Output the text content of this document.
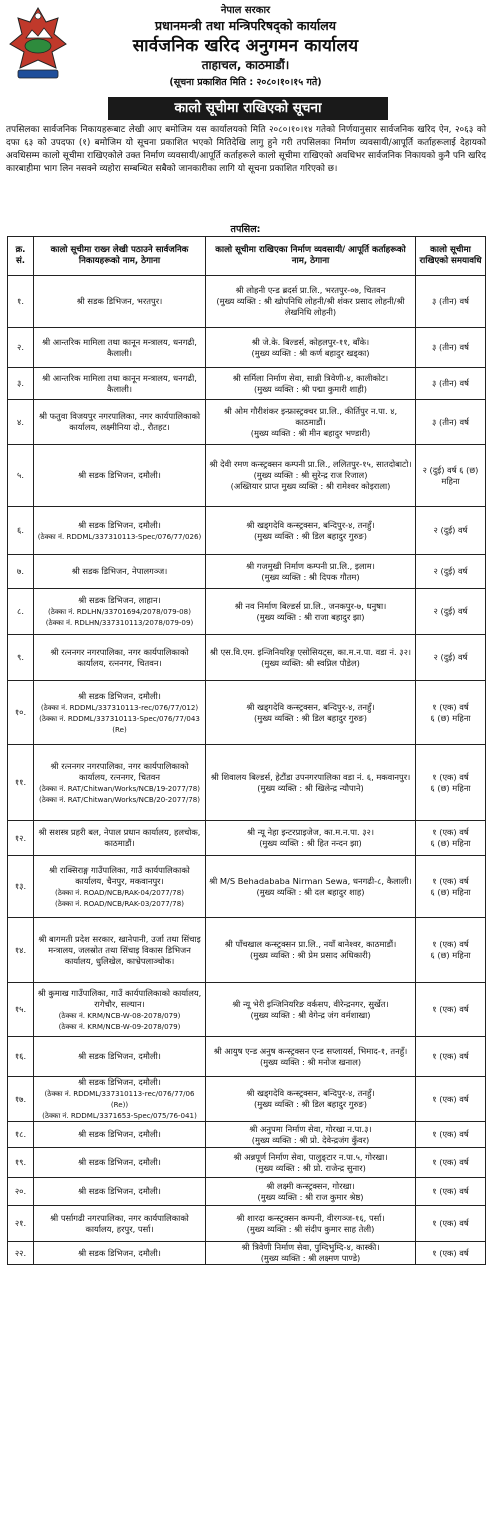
नेपाल सरकार
प्रधानमन्त्री तथा मन्त्रिपरिषद्को कार्यालय
सार्वजनिक खरिद अनुगमन कार्यालय
ताहाचल, काठमाडौं।
(सूचना प्रकाशित मिति : २०८०।१०।१५ गते)
कालो सूचीमा राखिएको सूचना
तपसिलका सार्वजनिक निकायहरूबाट लेखी आए बमोजिम यस कार्यालयको मिति २०८०।१०।१४ गतेको निर्णयानुसार सार्वजनिक खरिद ऐन, २०६३ को दफा ६३ को उपदफा (१) बमोजिम यो सूचना प्रकाशित भएको मितिदेखि लागु हुने गरी तपसिलका निर्माण व्यवसायी/आपूर्ति कर्ताहरूलाई देहायको अवधिसम्म कालो सूचीमा राखिएकोले उक्त निर्माण व्यवसायी/आपूर्ति कर्ताहरूले कालो सूचीमा राखिएको अवधिभर सार्वजनिक निकायको कुनै पनि खरिद कारबाहीमा भाग लिन नसक्ने व्यहोरा सम्बन्धित सबैको जानकारीका लागि यो सूचना प्रकाशित गरिएको छ।
तपसिल:
क्र. सं.	कालो सूचीमा राख्न लेखी पठाउने सार्वजनिक निकायहरूको नाम, ठेगाना	कालो सूचीमा राखिएका निर्माण व्यवसायी/ आपूर्ति कर्ताहरूको नाम, ठेगाना	कालो सूचीमा राखिएको समयावधि
१.	श्री सडक डिभिजन, भरतपुर।	श्री लोहनी एन्ड ब्रदर्स प्रा.लि., भरतपुर-०७, चितवन
(मुख्य व्यक्ति : श्री खोपनिधि लोहनी/श्री शंकर प्रसाद लोहनी/श्री लेखनिधि लोहनी)	३ (तीन) वर्ष

२.	श्री आन्तरिक मामिला तथा कानून मन्त्रालय, धनगढी, कैलाली।	श्री जे.के. बिल्डर्स, कोहलपुर-११, बाँके।
(मुख्य व्यक्ति : श्री कर्ण बहादुर खड्का)	३ (तीन) वर्ष

३.	श्री आन्तरिक मामिला तथा कानून मन्त्रालय, धनगढी, कैलाली।	श्री सर्मिला निर्माण सेवा, सान्नी त्रिवेणी-४, कालीकोट।
(मुख्य व्यक्ति : श्री पद्मा कुमारी शाही)	३ (तीन) वर्ष

४.	श्री फतुवा विजयपुर नगरपालिका, नगर कार्यपालिकाको कार्यालय, लक्ष्मीनिया दो., रौतहट।	श्री ओम गौरीशंकर इन्फ्रास्ट्रक्चर प्रा.लि., कीर्तिपुर न.पा. ४, काठमाडौं।
(मुख्य व्यक्ति : श्री मीन बहादुर भण्डारी)	३ (तीन) वर्ष

५.	श्री सडक डिभिजन, दमौली।	श्री देवी रमण कन्स्ट्रक्सन कम्पनी प्रा.लि., ललितपुर-१५, सातदोबाटो।
(मुख्य व्यक्ति : श्री सुरेन्द्र राज रिजाल)
(अख्तियार प्राप्त मुख्य व्यक्ति : श्री रामेश्वर कोइराला)	२ (दुई) वर्ष ६ (छ) महिना

६.	श्री सडक डिभिजन, दमौली।
(ठेक्का नं. RDDML/337310113-Spec/076/77/026)	श्री खड्गदेवि कन्स्ट्रक्सन, बन्दिपुर-४, तनहुँ।
(मुख्य व्यक्ति : श्री डिल बहादुर गुरुङ)	२ (दुई) वर्ष

७.	श्री सडक डिभिजन, नेपालगञ्ज।	श्री गजमुखी निर्माण कम्पनी प्रा.लि., इलाम।
(मुख्य व्यक्ति : श्री दिपक गौतम)	२ (दुई) वर्ष

८.	श्री सडक डिभिजन, लाहान।
(ठेक्का नं. RDLHN/33701694/2078/079-08)
(ठेक्का नं. RDLHN/337310113/2078/079-09)	श्री नव निर्माण बिल्डर्स प्रा.लि., जनकपुर-७, धनुषा।
(मुख्य व्यक्ति : श्री राजा बहादुर झा)	२ (दुई) वर्ष

९.	श्री रत्ननगर नगरपालिका, नगर कार्यपालिकाको कार्यालय, रत्ननगर, चितवन।	श्री एस.वि.एम. इन्जिनियरिङ्ग एसोसियट्स, का.म.न.पा. वडा नं. ३२।
(मुख्य व्यक्ति: श्री स्वप्निल पौडेल)	२ (दुई) वर्ष

१०.	श्री सडक डिभिजन, दमौली।
(ठेक्का नं. RDDML/337310113-rec/076/77/012)
(ठेक्का नं. RDDML/337310113-Spec/076/77/043 (Re)	श्री खड्गदेवि कन्स्ट्रक्सन, बन्दिपुर-४, तनहुँ।
(मुख्य व्यक्ति : श्री डिल बहादुर गुरुङ)	१ (एक) वर्ष
६ (छ) महिना

११.	श्री रत्ननगर नगरपालिका, नगर कार्यपालिकाको कार्यालय, रत्ननगर, चितवन
(ठेक्का नं. RAT/Chitwan/Works/NCB/19-2077/78)
(ठेक्का नं. RAT/Chitwan/Works/NCB/20-2077/78)	श्री शिवालय बिल्डर्स, हेटौंडा उपनगरपालिका वडा नं. ६, मकवानपुर।
(मुख्य व्यक्ति : श्री खिलेन्द्र न्यौपाने)	१ (एक) वर्ष
६ (छ) महिना

१२.	श्री सशस्त्र प्रहरी बल, नेपाल प्रधान कार्यालय, हलचोक, काठमाडौं।	श्री न्यू नेहा इन्टरप्राइजेज, का.म.न.पा. ३२।
(मुख्य व्यक्ति : श्री हित नन्दन झा)	१ (एक) वर्ष
६ (छ) महिना

१३.	श्री राक्सिराङ्ग गाउँपालिका, गाउँ कार्यपालिकाको कार्यालय, चैनपुर, मकवानपुर।
(ठेक्का नं. ROAD/NCB/RAK-04/2077/78)
(ठेक्का नं. ROAD/NCB/RAK-03/2077/78)	श्री M/S Behadababa Nirman Sewa, धनगढी-८, कैलाली।
(मुख्य व्यक्ति : श्री दल बहादुर शाह)	१ (एक) वर्ष
६ (छ) महिना

१४.	श्री बागमती प्रदेश सरकार, खानेपानी, उर्जा तथा सिंचाइ मन्त्रालय, जलस्रोत तथा सिंचाइ विकास डिभिजन कार्यालय, धुलिखेल, काभ्रेपलाञ्चोक।	श्री पाँचखाल कन्स्ट्रक्सन प्रा.लि., नयाँ बानेश्वर, काठमाडौं।
(मुख्य व्यक्ति : श्री प्रेम प्रसाद अधिकारी)	१ (एक) वर्ष
६ (छ) महिना

१५.	श्री कुमाख गाउँपालिका, गाउँ कार्यपालिकाको कार्यालय, रागेचौर, सल्यान।
(ठेक्का नं. KRM/NCB-W-08-2078/079)
(ठेक्का नं. KRM/NCB-W-09-2078/079)	श्री न्यू भेरी इन्जिनियरिङ वर्कसप, वीरेन्द्रनगर, सुर्खेत।
(मुख्य व्यक्ति : श्री वेगेन्द्र जंग वर्मशाखा)	१ (एक) वर्ष

१६.	श्री सडक डिभिजन, दमौली।	श्री आयुष एन्ड अनुष कन्स्ट्रक्सन एन्ड सप्लायर्स, भिमाद-१, तनहुँ।
(मुख्य व्यक्ति : श्री मनोज खनाल)	१ (एक) वर्ष

१७.	श्री सडक डिभिजन, दमौली।
(ठेक्का नं. RDDML/337310113-rec/076/77/06 (Re))
(ठेक्का नं. RDDML/3371653-Spec/075/76-041)	श्री खड्गदेवि कन्स्ट्रक्सन, बन्दिपुर-४, तनहुँ।
(मुख्य व्यक्ति : श्री डिल बहादुर गुरुङ)	१ (एक) वर्ष

१८.	श्री सडक डिभिजन, दमौली।	श्री अनुपमा निर्माण सेवा, गोरखा न.पा.३।
(मुख्य व्यक्ति : श्री प्रो. देवेन्द्रजंग कुँवर)	१ (एक) वर्ष

१९.	श्री सडक डिभिजन, दमौली।	श्री अन्नपूर्ण निर्माण सेवा, पालुङ्टार न.पा.५, गोरखा।
(मुख्य व्यक्ति : श्री प्रो. राजेन्द्र सुनार)	१ (एक) वर्ष

२०.	श्री सडक डिभिजन, दमौली।	श्री लक्ष्मी कन्स्ट्रक्सन, गोरखा।
(मुख्य व्यक्ति : श्री राज कुमार श्रेष्ठ)	१ (एक) वर्ष

२१.	श्री पर्सागढी नगरपालिका, नगर कार्यपालिकाको कार्यालय, हरपुर, पर्सा।	श्री शारदा कन्स्ट्रक्सन कम्पनी, वीरगञ्ज-१६, पर्सा।
(मुख्य व्यक्ति : श्री संदीप कुमार साह तेली)	१ (एक) वर्ष

२२.	श्री सडक डिभिजन, दमौली।	श्री त्रिवेणी निर्माण सेवा, पुम्दिभुम्दि-४, कास्की।
(मुख्य व्यक्ति : श्री लक्ष्मण पाण्डे)	१ (एक) वर्ष
